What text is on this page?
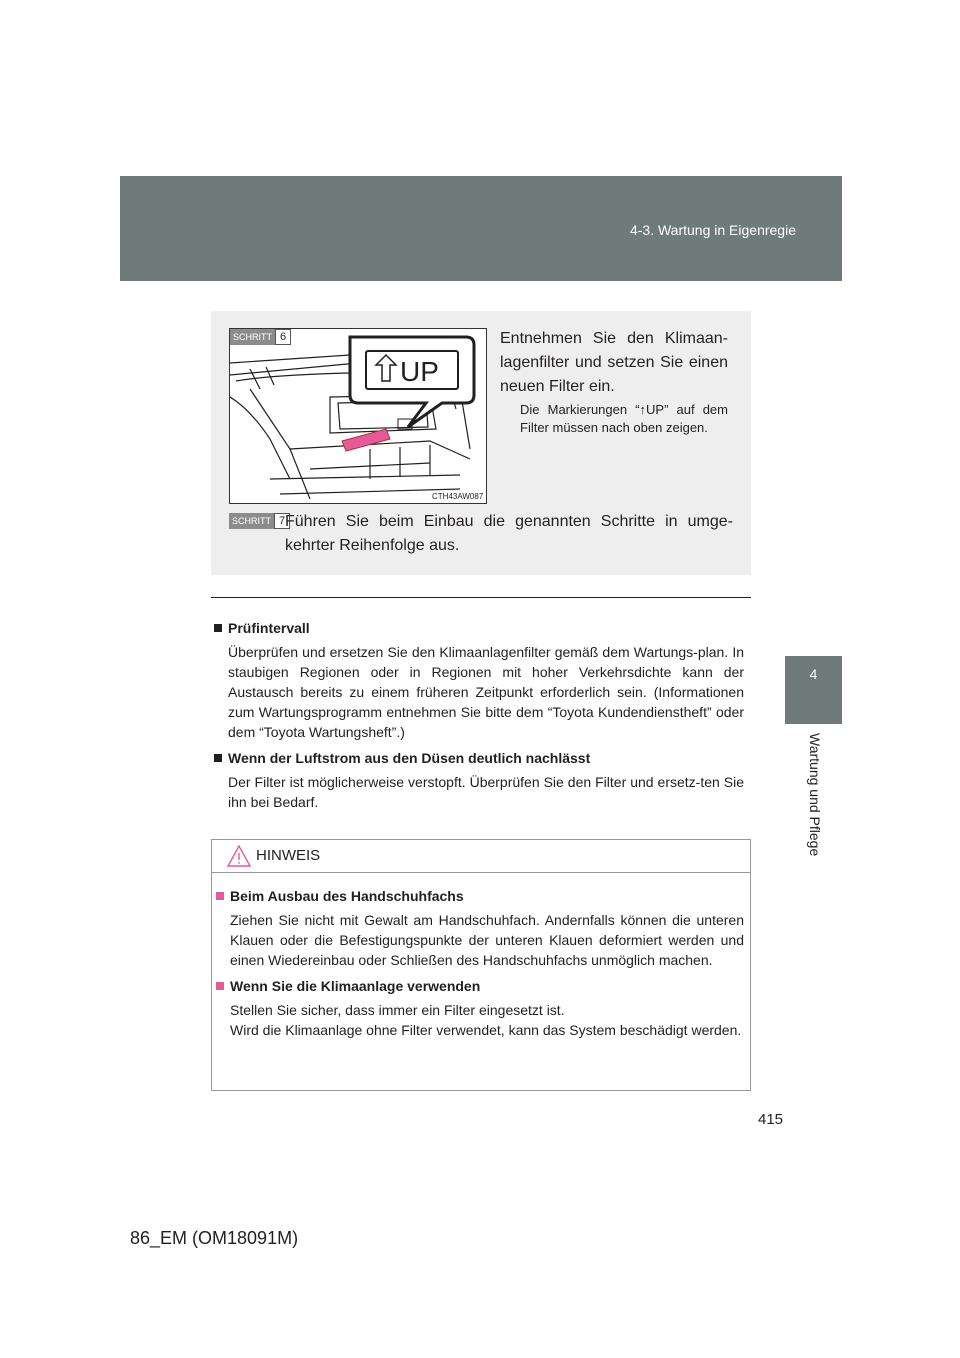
4-3. Wartung in Eigenregie
4
Wartung und Pflege
UP
CTH43AW087
SCHRITT 6	Entnehmen Sie den Klimaan-lagenfilter und setzen Sie einen neuen Filter ein.
Die Markierungen “↑UP” auf dem Filter müssen nach oben zeigen.
SCHRITT 7 Führen Sie beim Einbau die genannten Schritte in umge-kehrter Reihenfolge aus.
Prüfintervall
Überprüfen und ersetzen Sie den Klimaanlagenfilter gemäß dem Wartungs-plan. In staubigen Regionen oder in Regionen mit hoher Verkehrsdichte kann der Austausch bereits zu einem früheren Zeitpunkt erforderlich sein. (Informationen zum Wartungsprogramm entnehmen Sie bitte dem “Toyota Kundendienstheft” oder dem “Toyota Wartungsheft”.)
Wenn der Luftstrom aus den Düsen deutlich nachlässt
Der Filter ist möglicherweise verstopft. Überprüfen Sie den Filter und ersetz-ten Sie ihn bei Bedarf.
HINWEIS
Beim Ausbau des Handschuhfachs
Ziehen Sie nicht mit Gewalt am Handschuhfach. Andernfalls können die unteren Klauen oder die Befestigungspunkte der unteren Klauen deformiert werden und einen Wiedereinbau oder Schließen des Handschuhfachs unmöglich machen.
Wenn Sie die Klimaanlage verwenden
Stellen Sie sicher, dass immer ein Filter eingesetzt ist.
Wird die Klimaanlage ohne Filter verwendet, kann das System beschädigt werden.
415
86_EM (OM18091M)
